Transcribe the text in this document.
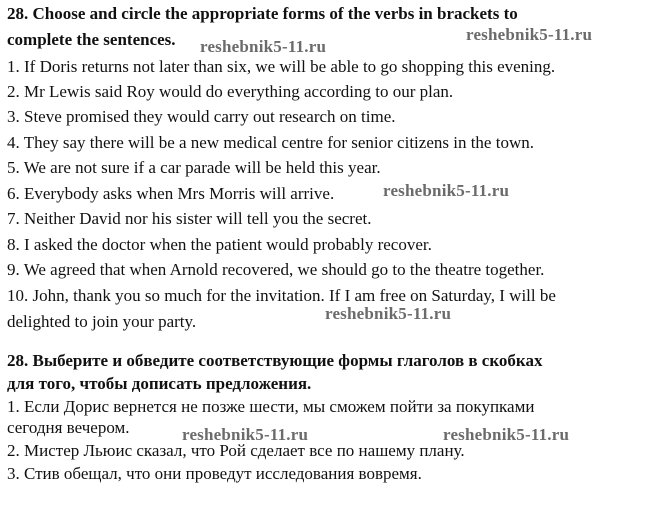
28. Choose and circle the appropriate forms of the verbs in brackets to
complete the sentences.
1. If Doris returns not later than six, we will be able to go shopping this evening.
2. Mr Lewis said Roy would do everything according to our plan.
3. Steve promised they would carry out research on time.
4. They say there will be a new medical centre for senior citizens in the town.
5. We are not sure if a car parade will be held this year.
6. Everybody asks when Mrs Morris will arrive.
7. Neither David nor his sister will tell you the secret.
8. I asked the doctor when the patient would probably recover.
9. We agreed that when Arnold recovered, we should go to the theatre together.
10. John, thank you so much for the invitation. If I am free on Saturday, I will be
delighted to join your party.
28. Выберите и обведите соответствующие формы глаголов в скобках
для того, чтобы дописать предложения.
1. Если Дорис вернется не позже шести, мы сможем пойти за покупками
сегодня вечером.
2. Мистер Льюис сказал, что Рой сделает все по нашему плану.
3. Стив обещал, что они проведут исследования вовремя.
reshebnik5-11.ru
reshebnik5-11.ru
reshebnik5-11.ru
reshebnik5-11.ru
reshebnik5-11.ru	reshebnik5-11.ru
